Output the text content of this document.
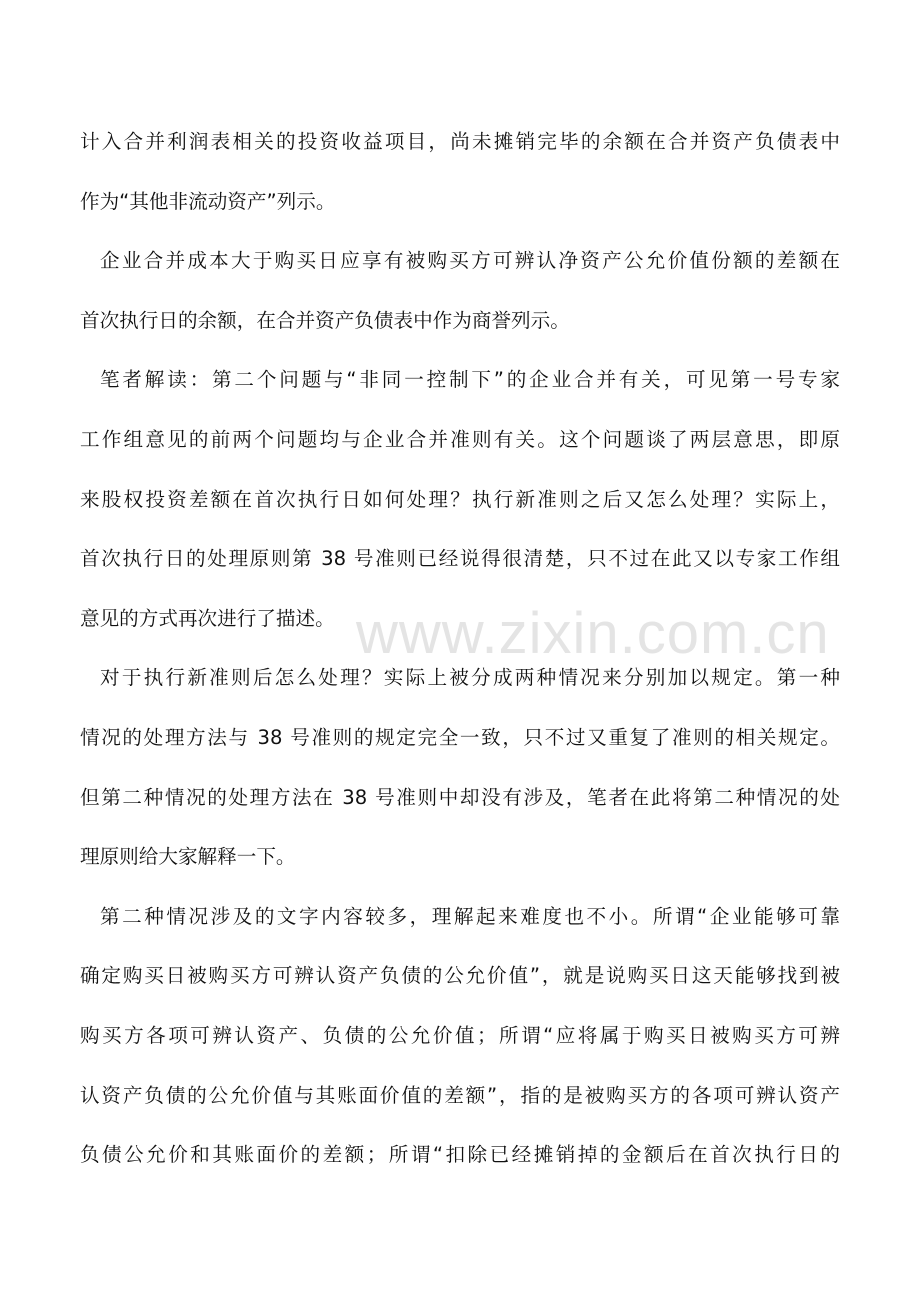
www.zixin.com.cn
计入合并利润表相关的投资收益项目，尚未摊销完毕的余额在合并资产负债表中
作为“其他非流动资产”列示。
企业合并成本大于购买日应享有被购买方可辨认净资产公允价值份额的差额在
首次执行日的余额，在合并资产负债表中作为商誉列示。
笔者解读：第二个问题与“非同一控制下”的企业合并有关，可见第一号专家
工作组意见的前两个问题均与企业合并准则有关。这个问题谈了两层意思，即原
来股权投资差额在首次执行日如何处理？执行新准则之后又怎么处理？实际上，
首次执行日的处理原则第 38 号准则已经说得很清楚，只不过在此又以专家工作组
意见的方式再次进行了描述。
对于执行新准则后怎么处理？实际上被分成两种情况来分别加以规定。第一种
情况的处理方法与 38 号准则的规定完全一致，只不过又重复了准则的相关规定。
但第二种情况的处理方法在 38 号准则中却没有涉及，笔者在此将第二种情况的处
理原则给大家解释一下。
第二种情况涉及的文字内容较多，理解起来难度也不小。所谓“企业能够可靠
确定购买日被购买方可辨认资产负债的公允价值”，就是说购买日这天能够找到被
购买方各项可辨认资产、负债的公允价值；所谓“应将属于购买日被购买方可辨
认资产负债的公允价值与其账面价值的差额”，指的是被购买方的各项可辨认资产
负债公允价和其账面价的差额；所谓“扣除已经摊销掉的金额后在首次执行日的
